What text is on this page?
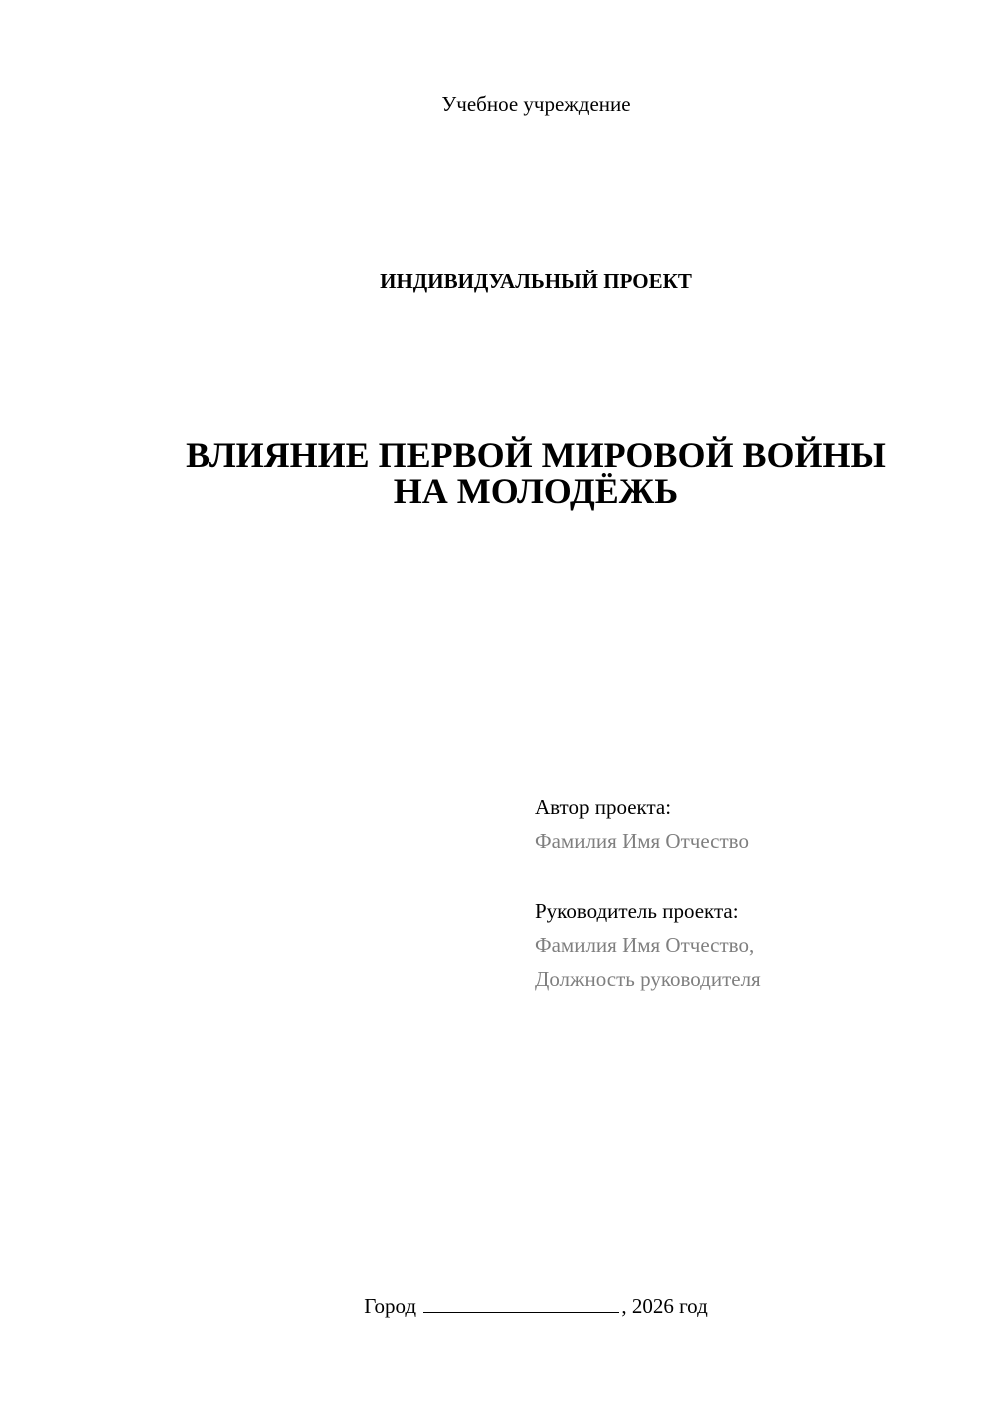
Учебное учреждение
ИНДИВИДУАЛЬНЫЙ ПРОЕКТ
ВЛИЯНИЕ ПЕРВОЙ МИРОВОЙ ВОЙНЫ
НА МОЛОДЁЖЬ
Автор проекта:
Фамилия Имя Отчество
Руководитель проекта:
Фамилия Имя Отчество,
Должность руководителя
Город	, 2026 год
